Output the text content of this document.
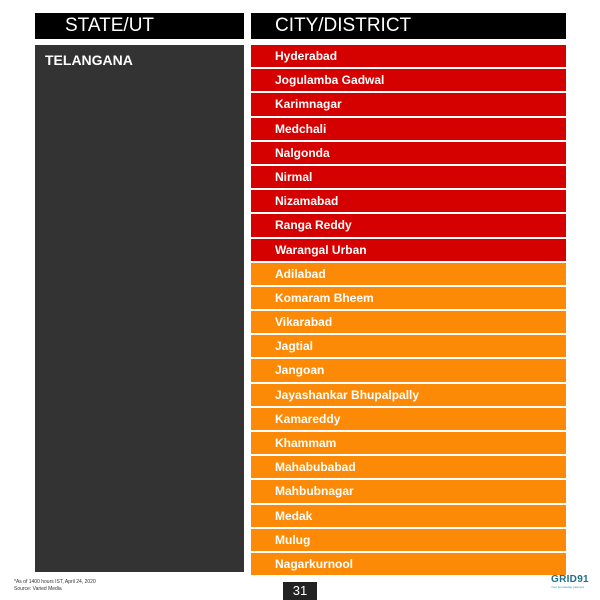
STATE/UT	CITY/DISTRICT
TELANGANA	Hyderabad
Jogulamba Gadwal
Karimnagar
Medchali
Nalgonda
Nirmal
Nizamabad
Ranga Reddy
Warangal Urban
Adilabad
Komaram Bheem
Vikarabad
Jagtial
Jangoan
Jayashankar Bhupalpally
Kamareddy
Khammam
Mahabubabad
Mahbubnagar
Medak
Mulug
Nagarkurnool
*As of 1400 hours IST, April 24, 2020
Source: Varied Media	31
GRID91
Your knowledge partners
